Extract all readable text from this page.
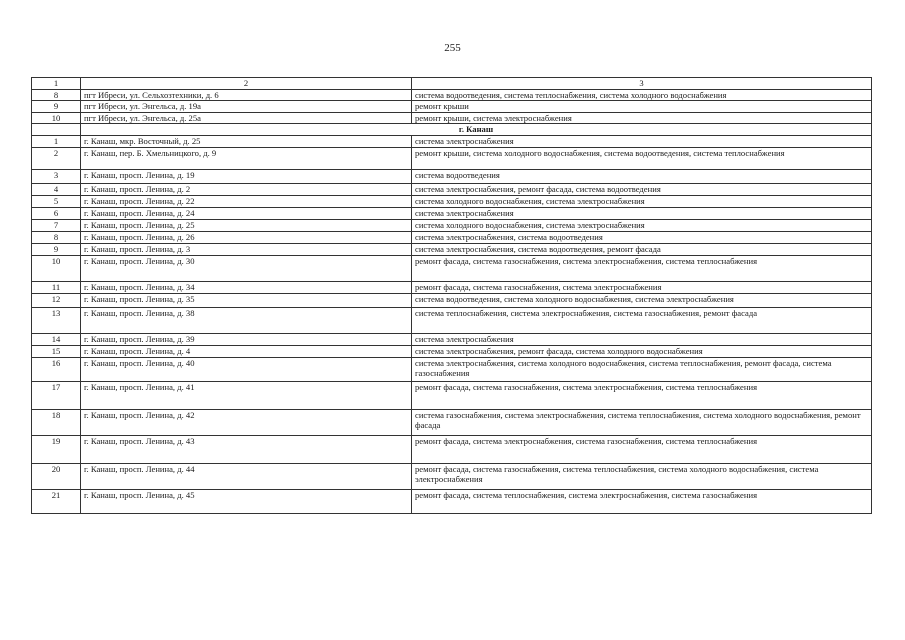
255
1	2	3
8	пгт Ибреси, ул. Сельхозтехники, д. 6	система водоотведения, система теплоснабжения, система холодного водоснабжения
9	пгт Ибреси, ул. Энгельса, д. 19а	ремонт крыши
10	пгт Ибреси, ул. Энгельса, д. 25а	ремонт крыши, система электроснабжения
	г. Канаш	
1	г. Канаш, мкр. Восточный, д. 25	система электроснабжения
2	г. Канаш, пер. Б. Хмельницкого, д. 9	ремонт крыши, система холодного водоснабжения, система водоотведения, система теплоснабжения
3	г. Канаш, просп. Ленина, д. 19	система водоотведения
4	г. Канаш, просп. Ленина, д. 2	система электроснабжения, ремонт фасада, система водоотведения
5	г. Канаш, просп. Ленина, д. 22	система холодного водоснабжения, система электроснабжения
6	г. Канаш, просп. Ленина, д. 24	система электроснабжения
7	г. Канаш, просп. Ленина, д. 25	система холодного водоснабжения, система электроснабжения
8	г. Канаш, просп. Ленина, д. 26	система электроснабжения, система водоотведения
9	г. Канаш, просп. Ленина, д. 3	система электроснабжения, система водоотведения, ремонт фасада
10	г. Канаш, просп. Ленина, д. 30	ремонт фасада, система газоснабжения, система электроснабжения, система теплоснабжения
11	г. Канаш, просп. Ленина, д. 34	ремонт фасада, система газоснабжения, система электроснабжения
12	г. Канаш, просп. Ленина, д. 35	система водоотведения, система холодного водоснабжения, система электроснабжения
13	г. Канаш, просп. Ленина, д. 38	система теплоснабжения, система электроснабжения, система газоснабжения, ремонт фасада
14	г. Канаш, просп. Ленина, д. 39	система электроснабжения
15	г. Канаш, просп. Ленина, д. 4	система электроснабжения, ремонт фасада, система холодного водоснабжения
16	г. Канаш, просп. Ленина, д. 40	система электроснабжения, система холодного водоснабжения, система теплоснабжения, ремонт фасада, система газоснабжения
17	г. Канаш, просп. Ленина, д. 41	ремонт фасада, система газоснабжения, система электроснабжения, система теплоснабжения
18	г. Канаш, просп. Ленина, д. 42	система газоснабжения, система электроснабжения, система теплоснабжения, система холодного водоснабжения, ремонт фасада
19	г. Канаш, просп. Ленина, д. 43	ремонт фасада, система электроснабжения, система газоснабжения, система теплоснабжения
20	г. Канаш, просп. Ленина, д. 44	ремонт фасада, система газоснабжения, система теплоснабжения, система холодного водоснабжения, система электроснабжения
21	г. Канаш, просп. Ленина, д. 45	ремонт фасада, система теплоснабжения, система электроснабжения, система газоснабжения
